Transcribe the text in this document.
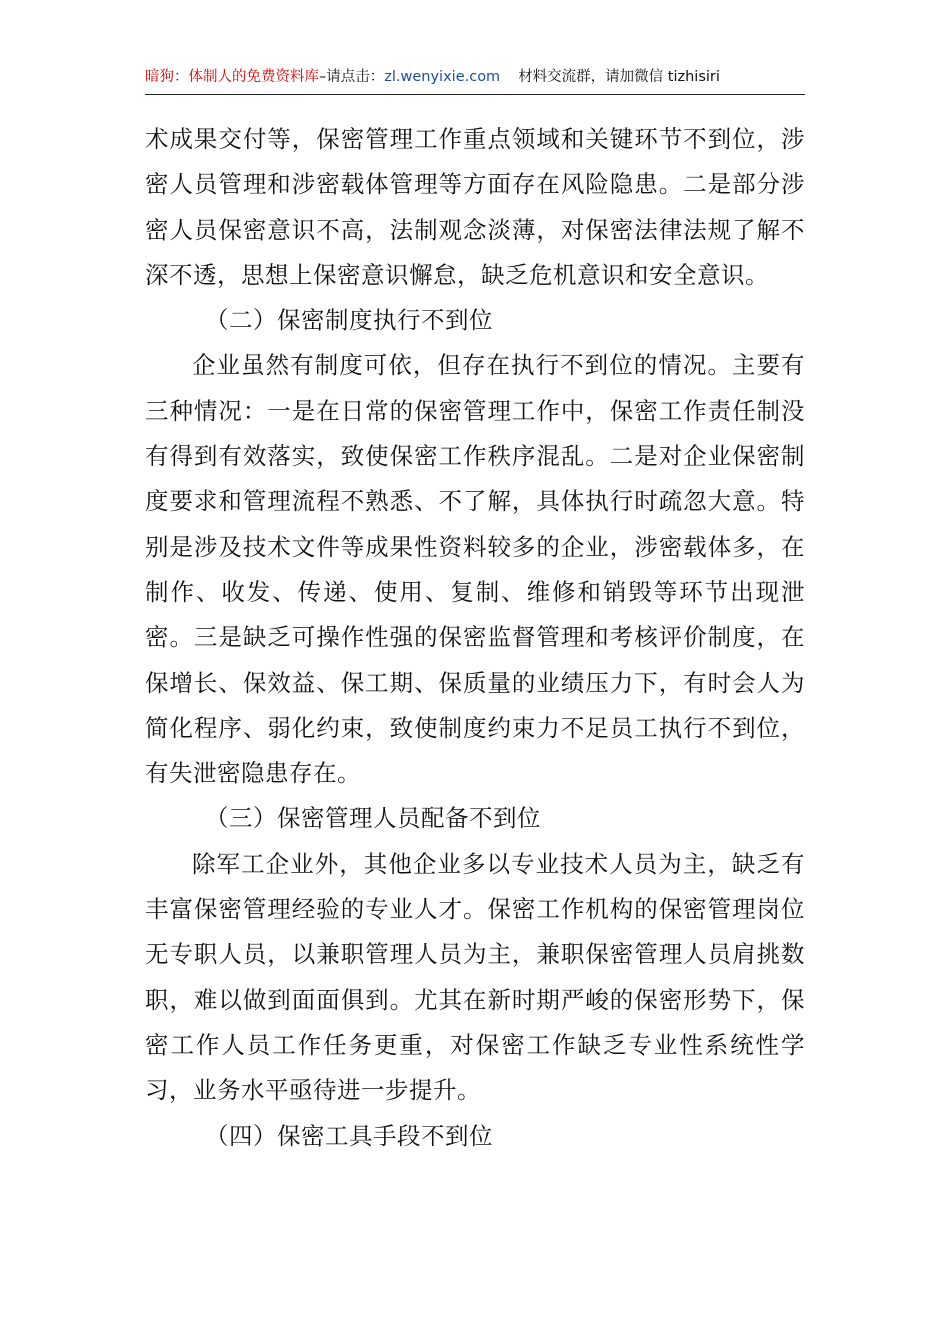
暗狗：体制人的免费资料库–请点击：zl.wenyixie.com 材料交流群，请加微信 tizhisiri

术成果交付等，保密管理工作重点领域和关键环节不到位，涉密人员管理和涉密载体管理等方面存在风险隐患。二是部分涉密人员保密意识不高，法制观念淡薄，对保密法律法规了解不深不透，思想上保密意识懈怠，缺乏危机意识和安全意识。

（二）保密制度执行不到位

企业虽然有制度可依，但存在执行不到位的情况。主要有三种情况：一是在日常的保密管理工作中，保密工作责任制没有得到有效落实，致使保密工作秩序混乱。二是对企业保密制度要求和管理流程不熟悉、不了解，具体执行时疏忽大意。特别是涉及技术文件等成果性资料较多的企业，涉密载体多，在制作、收发、传递、使用、复制、维修和销毁等环节出现泄密。三是缺乏可操作性强的保密监督管理和考核评价制度，在保增长、保效益、保工期、保质量的业绩压力下，有时会人为简化程序、弱化约束，致使制度约束力不足员工执行不到位，有失泄密隐患存在。

（三）保密管理人员配备不到位

除军工企业外，其他企业多以专业技术人员为主，缺乏有丰富保密管理经验的专业人才。保密工作机构的保密管理岗位无专职人员，以兼职管理人员为主，兼职保密管理人员肩挑数职，难以做到面面俱到。尤其在新时期严峻的保密形势下，保密工作人员工作任务更重，对保密工作缺乏专业性系统性学习，业务水平亟待进一步提升。

（四）保密工具手段不到位
